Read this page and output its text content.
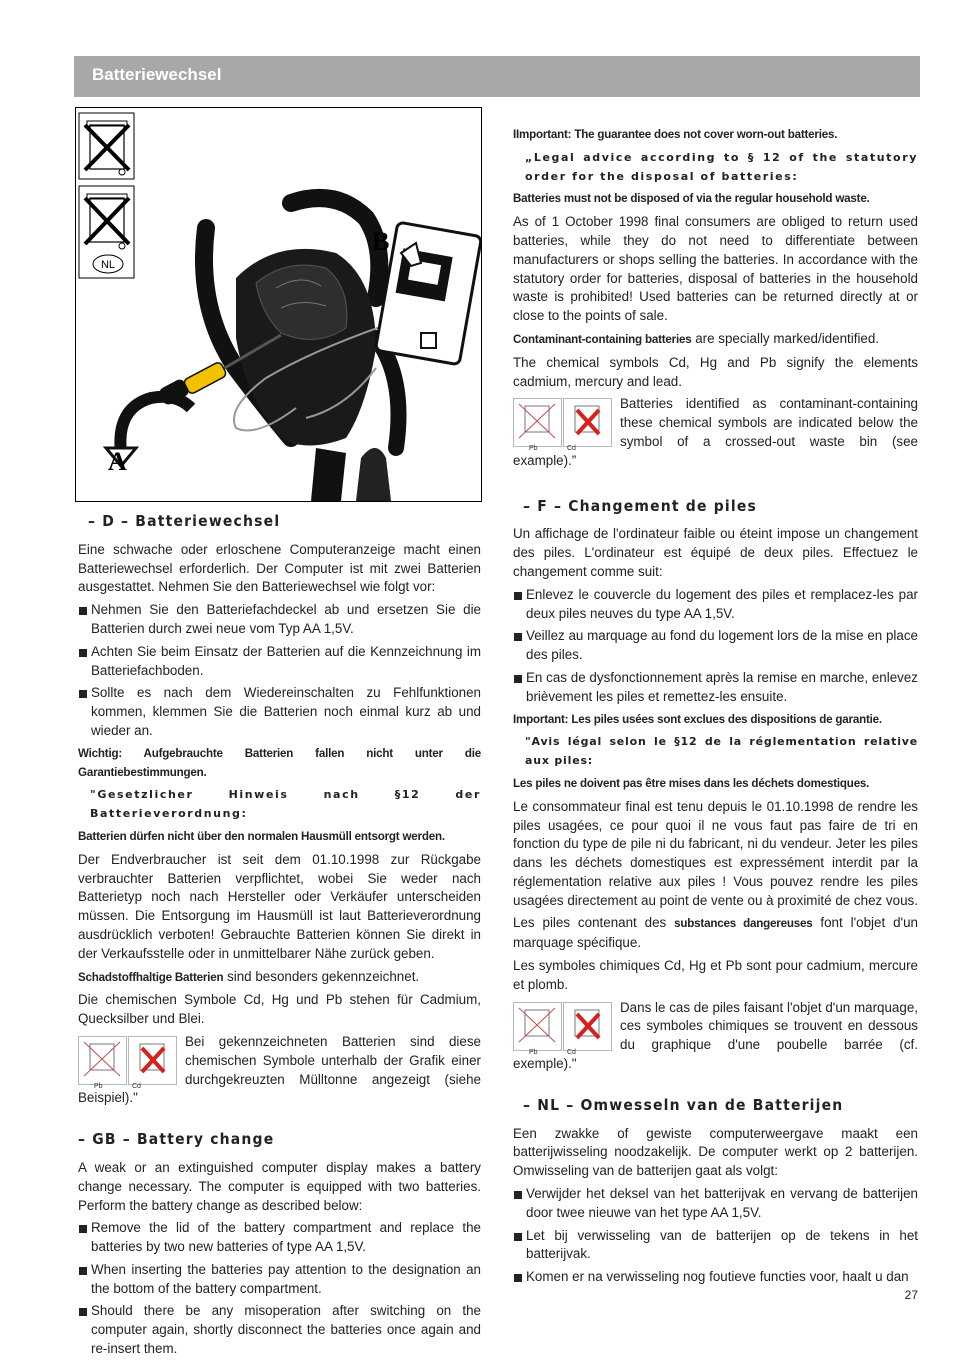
Batteriewechsel
NL
A
B
– D – Batteriewechsel

Eine schwache oder erloschene Computeranzeige macht einen Batteriewechsel erforderlich. Der Computer ist mit zwei Batterien ausgestattet. Nehmen Sie den Batteriewechsel wie folgt vor:

Nehmen Sie den Batteriefachdeckel ab und ersetzen Sie die Batterien durch zwei neue vom Typ AA 1,5V.
Achten Sie beim Einsatz der Batterien auf die Kennzeichnung im Batteriefachboden.
Sollte es nach dem Wiedereinschalten zu Fehlfunktionen kommen, klemmen Sie die Batterien noch einmal kurz ab und wieder an.

Wichtig: Aufgebrauchte Batterien fallen nicht unter die Garantiebestimmungen.

"Gesetzlicher Hinweis nach §12 der Batterieverordnung:

Batterien dürfen nicht über den normalen Hausmüll entsorgt werden.

Der Endverbraucher ist seit dem 01.10.1998 zur Rückgabe verbrauchter Batterien verpflichtet, wobei Sie weder nach Batterietyp noch nach Hersteller oder Verkäufer unterscheiden müssen. Die Entsorgung im Hausmüll ist laut Batterieverordnung ausdrücklich verboten! Gebrauchte Batterien können Sie direkt in der Verkaufsstelle oder in unmittelbarer Nähe zurück geben.

Schadstoffhaltige Batterien sind besonders gekennzeichnet.

Die chemischen Symbole Cd, Hg und Pb stehen für Cadmium, Quecksilber und Blei.

Pb	Cd

Bei gekennzeichneten Batterien sind diese chemischen Symbole unterhalb der Grafik einer durchgekreuzten Mülltonne angezeigt (siehe Beispiel)."

– GB – Battery change

A weak or an extinguished computer display makes a battery change necessary. The computer is equipped with two batteries. Perform the battery change as described below:

Remove the lid of the battery compartment and replace the batteries by two new batteries of type AA 1,5V.
When inserting the batteries pay attention to the designation an the bottom of the battery compartment.
Should there be any misoperation after switching on the computer again, shortly disconnect the batteries once again and re-insert them.

IImportant: The guarantee does not cover worn-out batteries.

„Legal advice according to § 12 of the statutory order for the disposal of batteries:

Batteries must not be disposed of via the regular household waste.

As of 1 October 1998 final consumers are obliged to return used batteries, while they do not need to differentiate between manufacturers or shops selling the batteries. In accordance with the statutory order for batteries, disposal of batteries in the household waste is prohibited! Used batteries can be returned directly at or close to the points of sale.

Contaminant-containing batteries are specially marked/identified.

The chemical symbols Cd, Hg and Pb signify the elements cadmium, mercury and lead.

Pb	Cd

Batteries identified as contaminant-containing these chemical symbols are indicated below the symbol of a crossed-out waste bin (see example).”

– F – Changement de piles

Un affichage de l'ordinateur faible ou éteint impose un changement des piles. L'ordinateur est équipé de deux piles. Effectuez le changement comme suit:

Enlevez le couvercle du logement des piles et remplacez-les par deux piles neuves du type AA 1,5V.
Veillez au marquage au fond du logement lors de la mise en place des piles.
En cas de dysfonctionnement après la remise en marche, enlevez brièvement les piles et remettez-les ensuite.

Important: Les piles usées sont exclues des dispositions de garantie.

"Avis légal selon le §12 de la réglementation relative aux piles:

Les piles ne doivent pas être mises dans les déchets domestiques.

Le consommateur final est tenu depuis le 01.10.1998 de rendre les piles usagées, ce pour quoi il ne vous faut pas faire de tri en fonction du type de pile ni du fabricant, ni du vendeur. Jeter les piles dans les déchets domestiques est expressément interdit par la réglementation relative aux piles ! Vous pouvez rendre les piles usagées directement au point de vente ou à proximité de chez vous.

Les piles contenant des substances dangereuses font l'objet d'un marquage spécifique.

Les symboles chimiques Cd, Hg et Pb sont pour cadmium, mercure et plomb.

Pb	Cd

Dans le cas de piles faisant l'objet d'un marquage, ces symboles chimiques se trouvent en dessous du graphique d'une poubelle barrée (cf. exemple)."

– NL – Omwesseln van de Batterijen

Een zwakke of gewiste computerweergave maakt een batterijwisseling noodzakelijk. De computer werkt op 2 batterijen. Omwisseling van de batterijen gaat als volgt:

Verwijder het deksel van het batterijvak en vervang de batterijen door twee nieuwe van het type AA 1,5V.
Let bij verwisseling van de batterijen op de tekens in het batterijvak.
Komen er na verwisseling nog foutieve functies voor, haalt u dan
27
